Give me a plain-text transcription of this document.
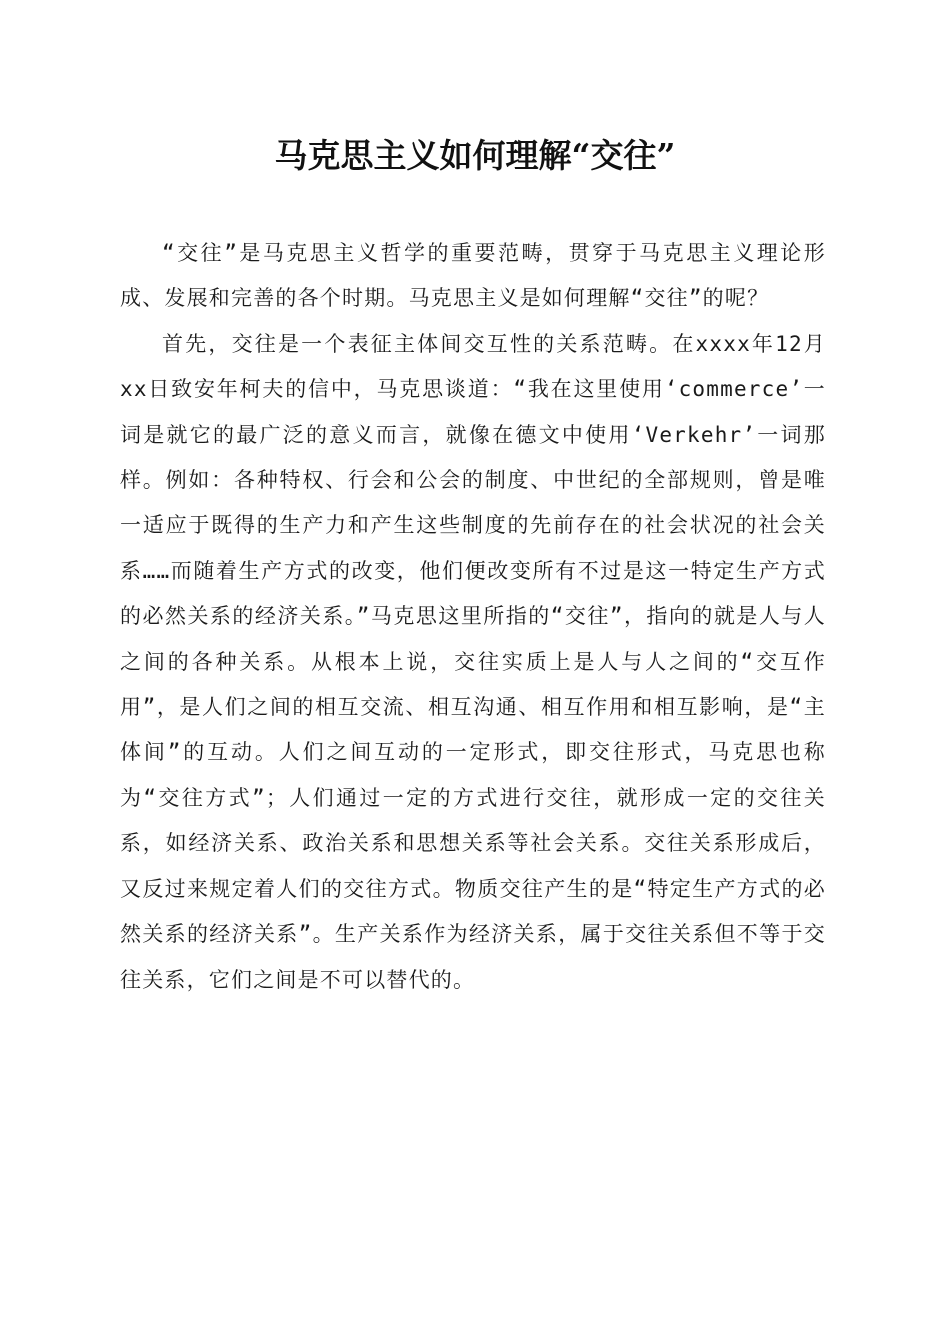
马克思主义如何理解“交往”

“交往”是马克思主义哲学的重要范畴，贯穿于马克思主义理论形成、发展和完善的各个时期。马克思主义是如何理解“交往”的呢？

首先，交往是一个表征主体间交互性的关系范畴。在xxxx年12月xx日致安年柯夫的信中，马克思谈道：“我在这里使用‘commerce’一词是就它的最广泛的意义而言，就像在德文中使用‘Verkehr’一词那样。例如：各种特权、行会和公会的制度、中世纪的全部规则，曾是唯一适应于既得的生产力和产生这些制度的先前存在的社会状况的社会关系……而随着生产方式的改变，他们便改变所有不过是这一特定生产方式的必然关系的经济关系。”马克思这里所指的“交往”，指向的就是人与人之间的各种关系。从根本上说，交往实质上是人与人之间的“交互作用”，是人们之间的相互交流、相互沟通、相互作用和相互影响，是“主体间”的互动。人们之间互动的一定形式，即交往形式，马克思也称为“交往方式”；人们通过一定的方式进行交往，就形成一定的交往关系，如经济关系、政治关系和思想关系等社会关系。交往关系形成后，又反过来规定着人们的交往方式。物质交往产生的是“特定生产方式的必然关系的经济关系”。生产关系作为经济关系，属于交往关系但不等于交往关系，它们之间是不可以替代的。
